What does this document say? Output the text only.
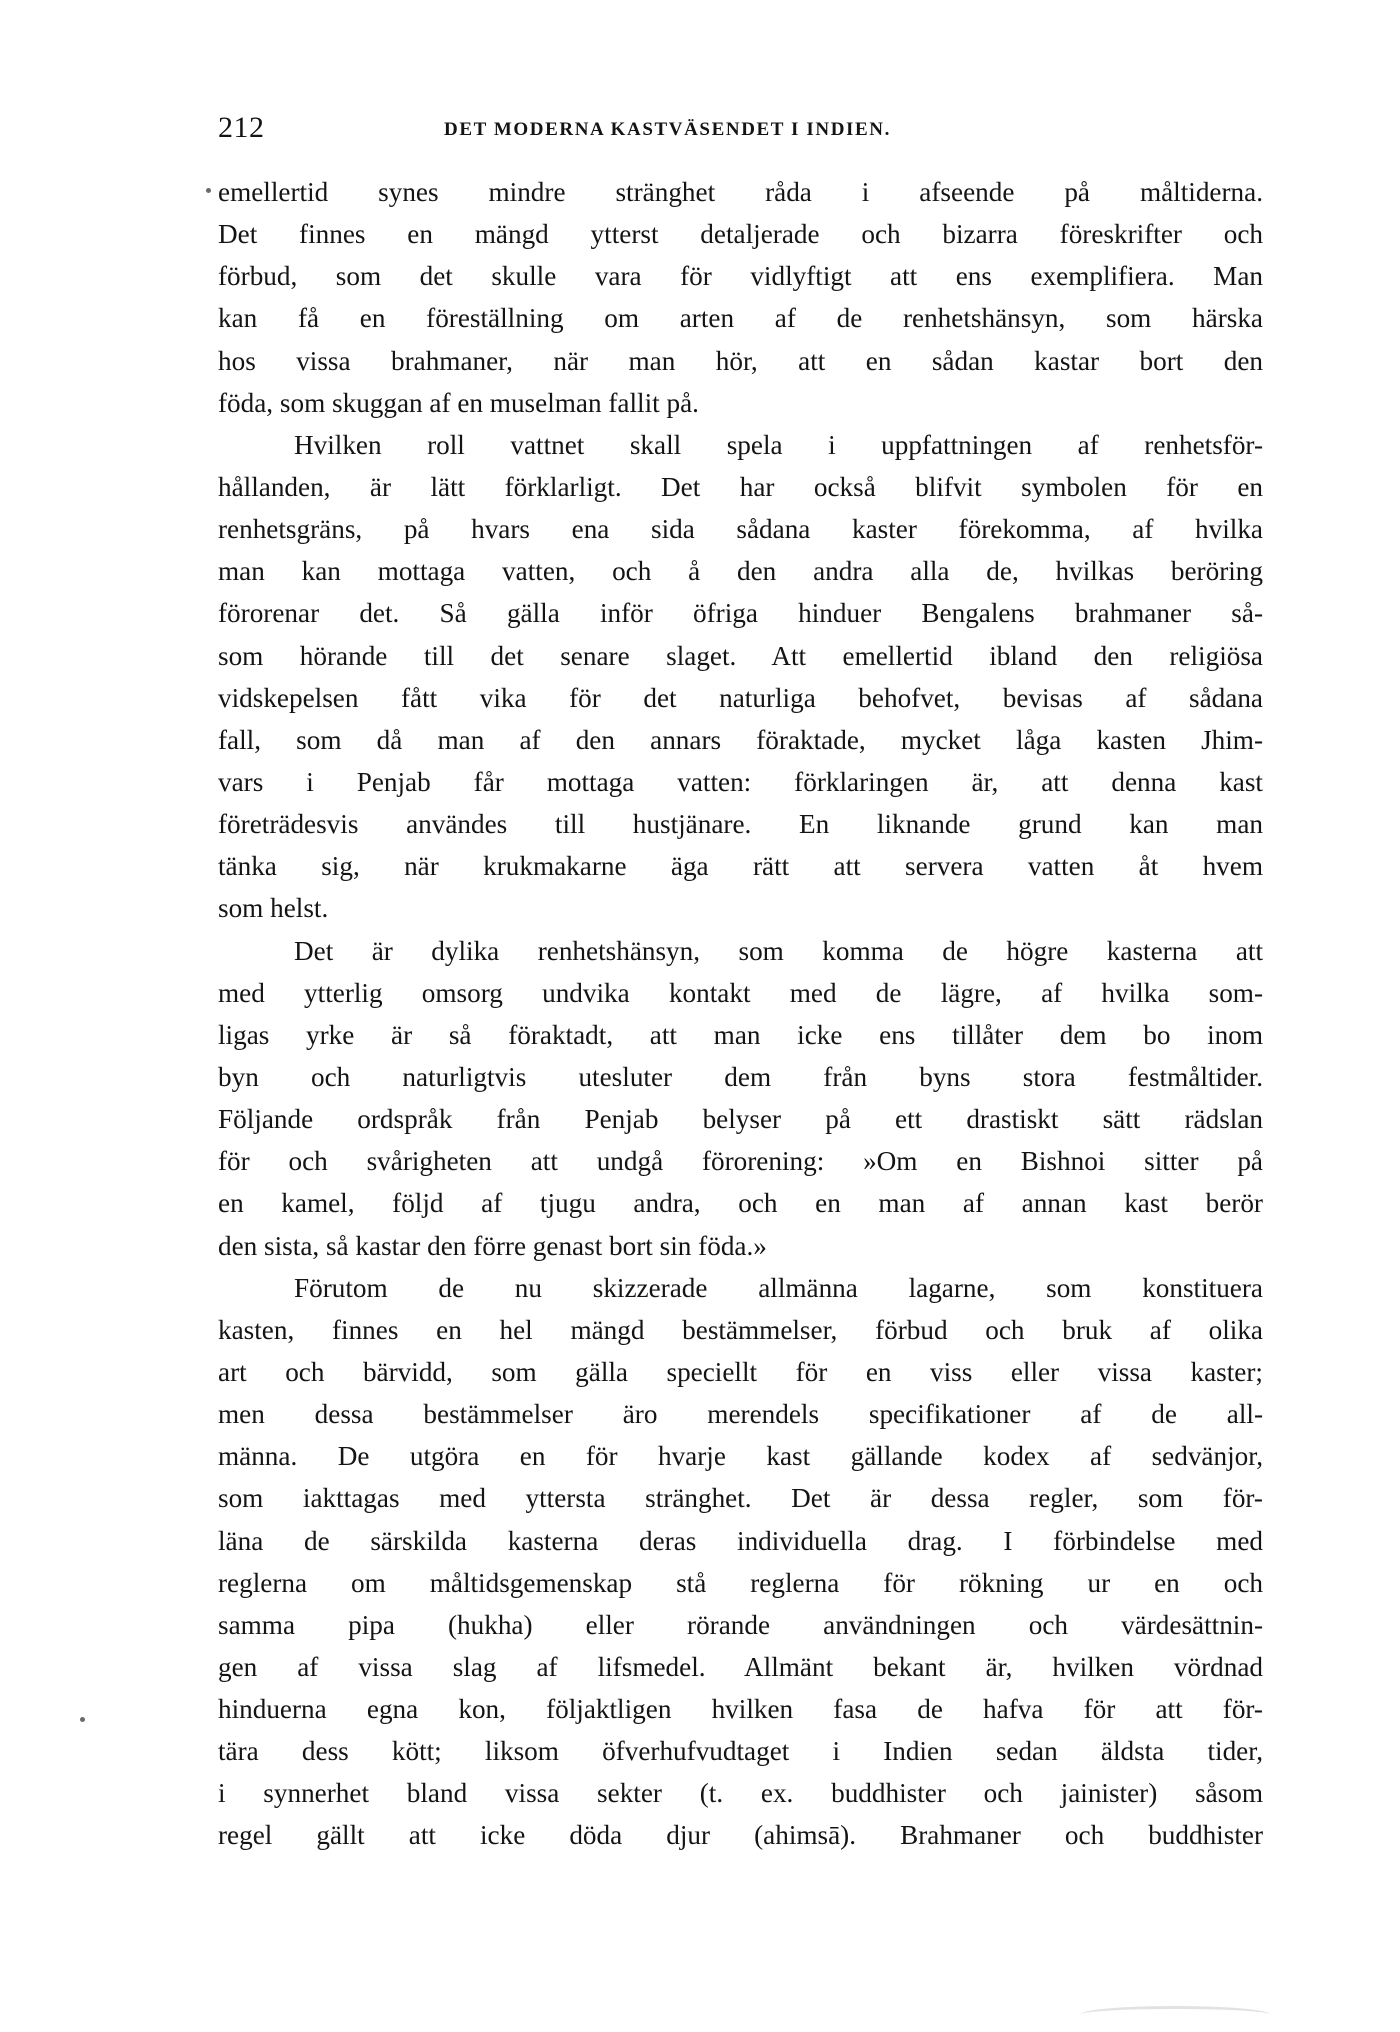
212	DET MODERNA KASTVÄSENDET I INDIEN.
emellertid synes mindre stränghet råda i afseende på måltiderna.
Det finnes en mängd ytterst detaljerade och bizarra föreskrifter och
förbud, som det skulle vara för vidlyftigt att ens exemplifiera. Man
kan få en föreställning om arten af de renhetshänsyn, som härska
hos vissa brahmaner, när man hör, att en sådan kastar bort den
föda, som skuggan af en muselman fallit på.
Hvilken roll vattnet skall spela i uppfattningen af renhetsför-
hållanden, är lätt förklarligt. Det har också blifvit symbolen för en
renhetsgräns, på hvars ena sida sådana kaster förekomma, af hvilka
man kan mottaga vatten, och å den andra alla de, hvilkas beröring
förorenar det. Så gälla inför öfriga hinduer Bengalens brahmaner så-
som hörande till det senare slaget. Att emellertid ibland den religiösa
vidskepelsen fått vika för det naturliga behofvet, bevisas af sådana
fall, som då man af den annars föraktade, mycket låga kasten Jhim-
vars i Penjab får mottaga vatten: förklaringen är, att denna kast
företrädesvis användes till hustjänare. En liknande grund kan man
tänka sig, när krukmakarne äga rätt att servera vatten åt hvem
som helst.
Det är dylika renhetshänsyn, som komma de högre kasterna att
med ytterlig omsorg undvika kontakt med de lägre, af hvilka som-
ligas yrke är så föraktadt, att man icke ens tillåter dem bo inom
byn och naturligtvis utesluter dem från byns stora festmåltider.
Följande ordspråk från Penjab belyser på ett drastiskt sätt rädslan
för och svårigheten att undgå förorening: »Om en Bishnoi sitter på
en kamel, följd af tjugu andra, och en man af annan kast berör
den sista, så kastar den förre genast bort sin föda.»
Förutom de nu skizzerade allmänna lagarne, som konstituera
kasten, finnes en hel mängd bestämmelser, förbud och bruk af olika
art och bärvidd, som gälla speciellt för en viss eller vissa kaster;
men dessa bestämmelser äro merendels specifikationer af de all-
männa. De utgöra en för hvarje kast gällande kodex af sedvänjor,
som iakttagas med yttersta stränghet. Det är dessa regler, som för-
läna de särskilda kasterna deras individuella drag. I förbindelse med
reglerna om måltidsgemenskap stå reglerna för rökning ur en och
samma pipa (hukha) eller rörande användningen och värdesättnin-
gen af vissa slag af lifsmedel. Allmänt bekant är, hvilken vördnad
hinduerna egna kon, följaktligen hvilken fasa de hafva för att för-
tära dess kött; liksom öfverhufvudtaget i Indien sedan äldsta tider,
i synnerhet bland vissa sekter (t. ex. buddhister och jainister) såsom
regel gällt att icke döda djur (ahimsā). Brahmaner och buddhister
